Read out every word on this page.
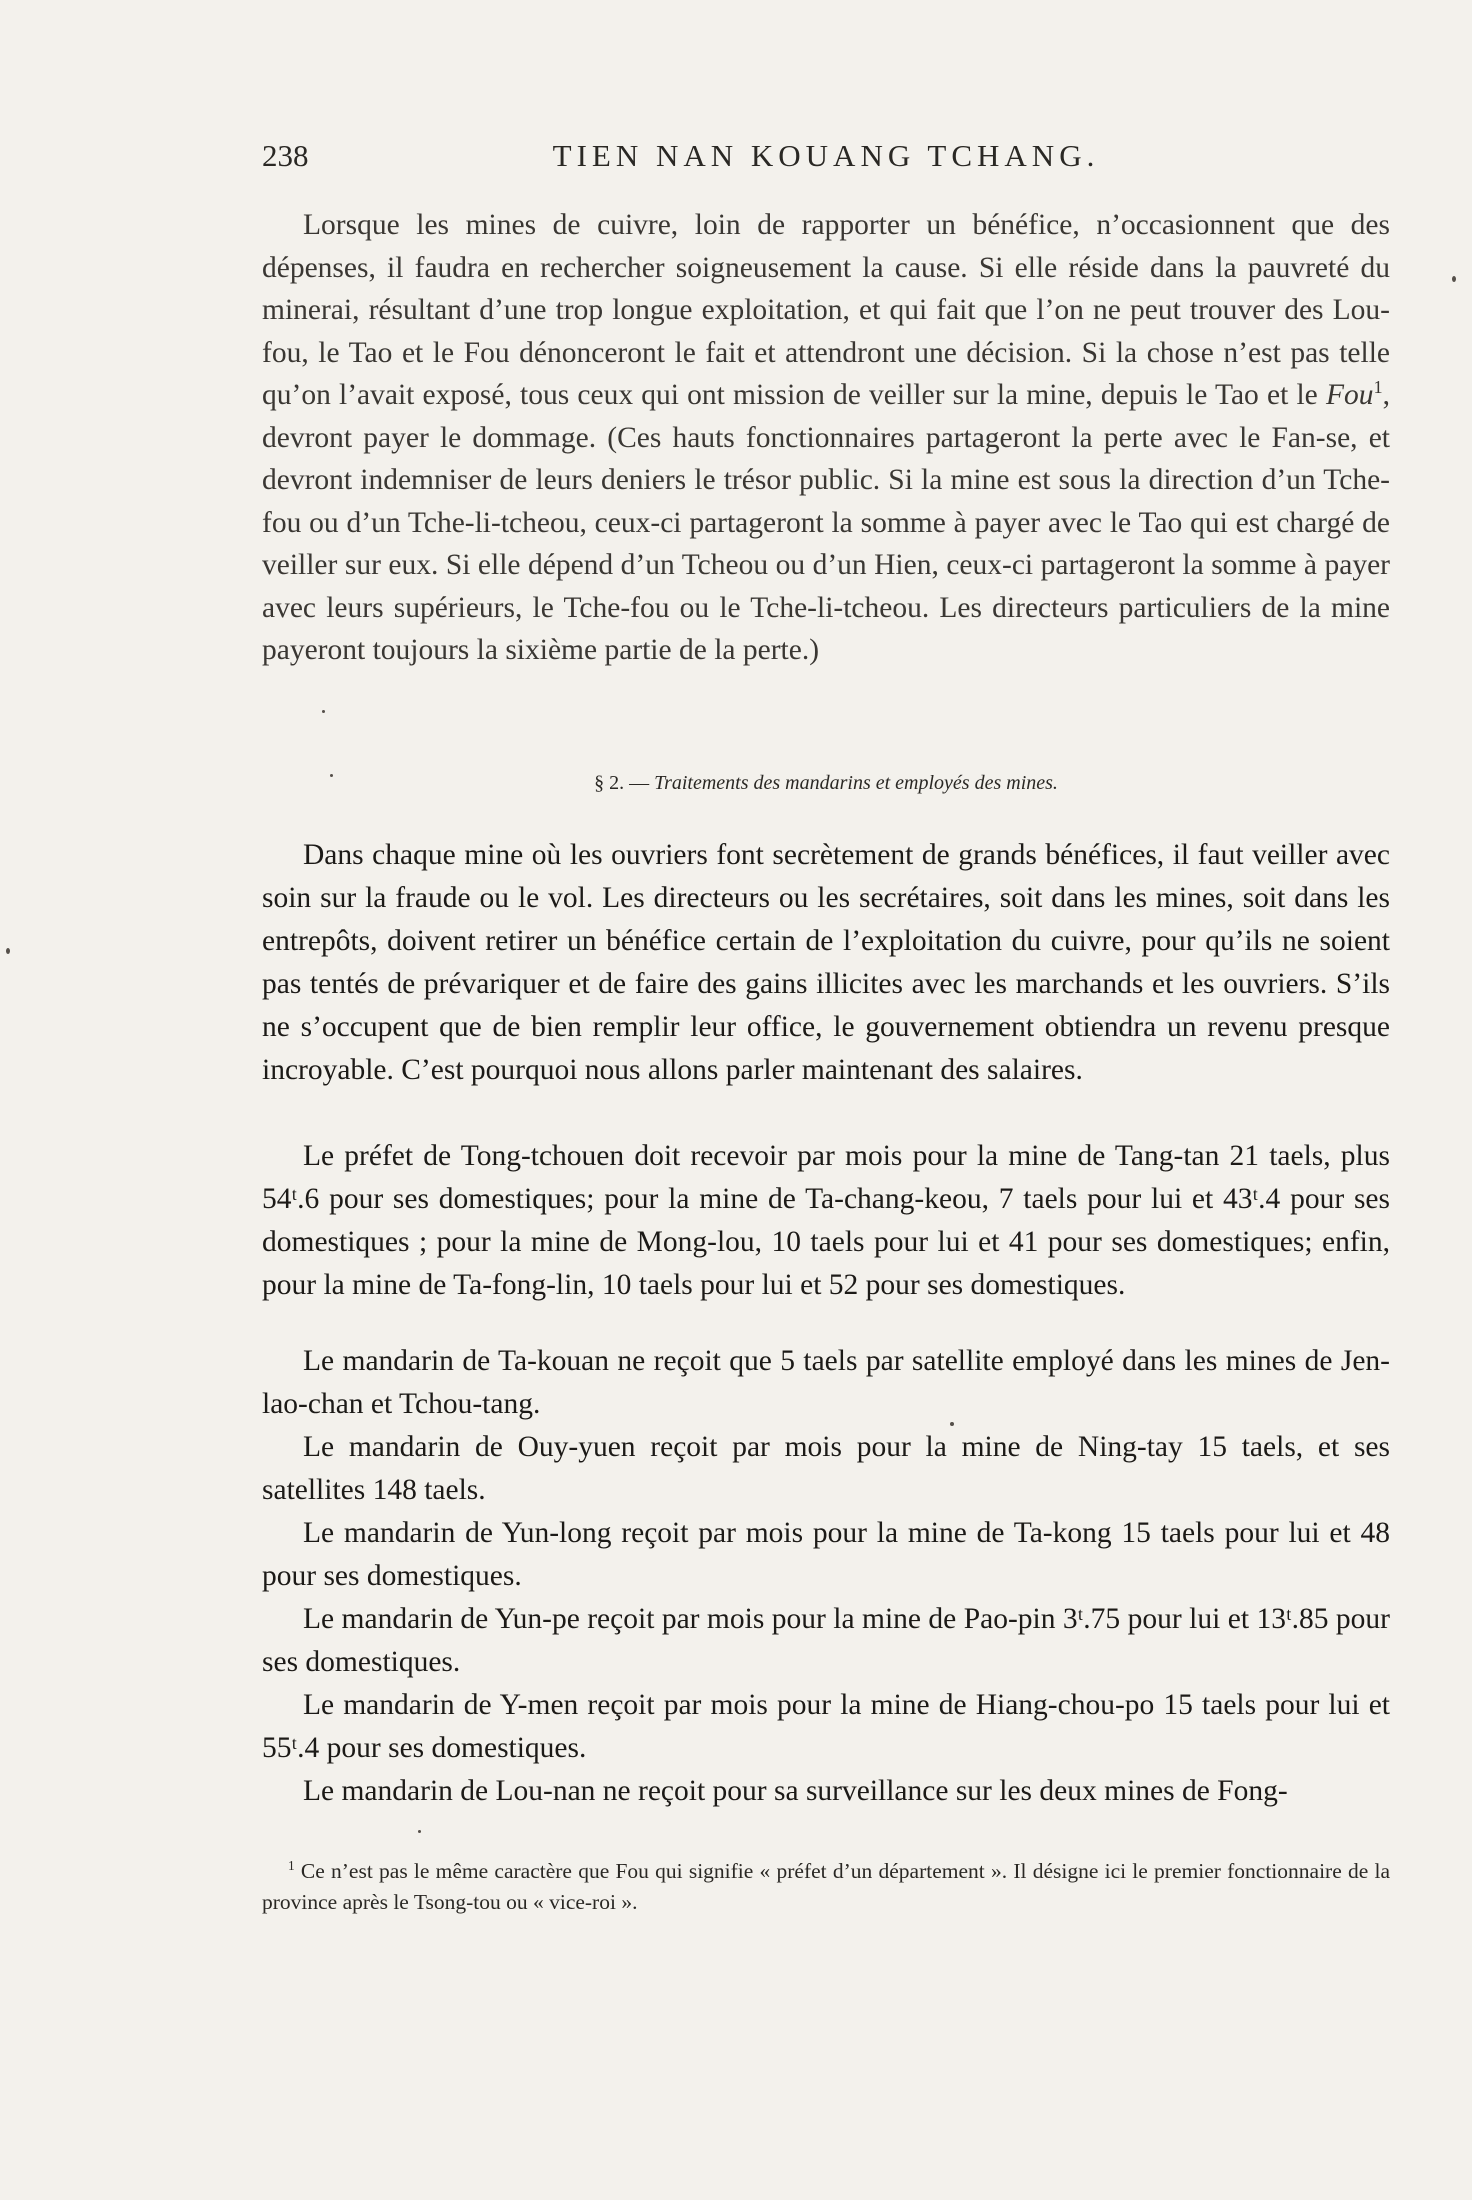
238	TIEN NAN KOUANG TCHANG.

Lorsque les mines de cuivre, loin de rapporter un bénéfice, n’occasionnent que des dépenses, il faudra en rechercher soigneusement la cause. Si elle réside dans la pauvreté du minerai, résultant d’une trop longue exploitation, et qui fait que l’on ne peut trouver des Lou-fou, le Tao et le Fou dénonceront le fait et attendront une décision. Si la chose n’est pas telle qu’on l’avait exposé, tous ceux qui ont mission de veiller sur la mine, depuis le Tao et le Fou$^1$, devront payer le dommage. (Ces hauts fonctionnaires partageront la perte avec le Fan-se, et devront indemniser de leurs deniers le trésor public. Si la mine est sous la direction d’un Tche-fou ou d’un Tche-li-tcheou, ceux-ci partageront la somme à payer avec le Tao qui est chargé de veiller sur eux. Si elle dépend d’un Tcheou ou d’un Hien, ceux-ci partageront la somme à payer avec leurs supérieurs, le Tche-fou ou le Tche-li-tcheou. Les directeurs particuliers de la mine payeront toujours la sixième partie de la perte.)

§ 2. — Traitements des mandarins et employés des mines.

Dans chaque mine où les ouvriers font secrètement de grands bénéfices, il faut veiller avec soin sur la fraude ou le vol. Les directeurs ou les secrétaires, soit dans les mines, soit dans les entrepôts, doivent retirer un bénéfice certain de l’exploitation du cuivre, pour qu’ils ne soient pas tentés de prévariquer et de faire des gains illicites avec les marchands et les ouvriers. S’ils ne s’occupent que de bien remplir leur office, le gouvernement obtiendra un revenu presque incroyable. C’est pourquoi nous allons parler maintenant des salaires.

Le préfet de Tong-tchouen doit recevoir par mois pour la mine de Tang-tan 21 taels, plus 54ᵗ.6 pour ses domestiques; pour la mine de Ta-chang-keou, 7 taels pour lui et 43ᵗ.4 pour ses domestiques ; pour la mine de Mong-lou, 10 taels pour lui et 41 pour ses domestiques; enfin, pour la mine de Ta-fong-lin, 10 taels pour lui et 52 pour ses domestiques.

Le mandarin de Ta-kouan ne reçoit que 5 taels par satellite employé dans les mines de Jen-lao-chan et Tchou-tang.

Le mandarin de Ouy-yuen reçoit par mois pour la mine de Ning-tay 15 taels, et ses satellites 148 taels.

Le mandarin de Yun-long reçoit par mois pour la mine de Ta-kong 15 taels pour lui et 48 pour ses domestiques.

Le mandarin de Yun-pe reçoit par mois pour la mine de Pao-pin 3ᵗ.75 pour lui et 13ᵗ.85 pour ses domestiques.

Le mandarin de Y-men reçoit par mois pour la mine de Hiang-chou-po 15 taels pour lui et 55ᵗ.4 pour ses domestiques.

Le mandarin de Lou-nan ne reçoit pour sa surveillance sur les deux mines de Fong-

$^1$ Ce n’est pas le même caractère que Fou qui signifie « préfet d’un département ». Il désigne ici le premier fonctionnaire de la province après le Tsong-tou ou « vice-roi ».
